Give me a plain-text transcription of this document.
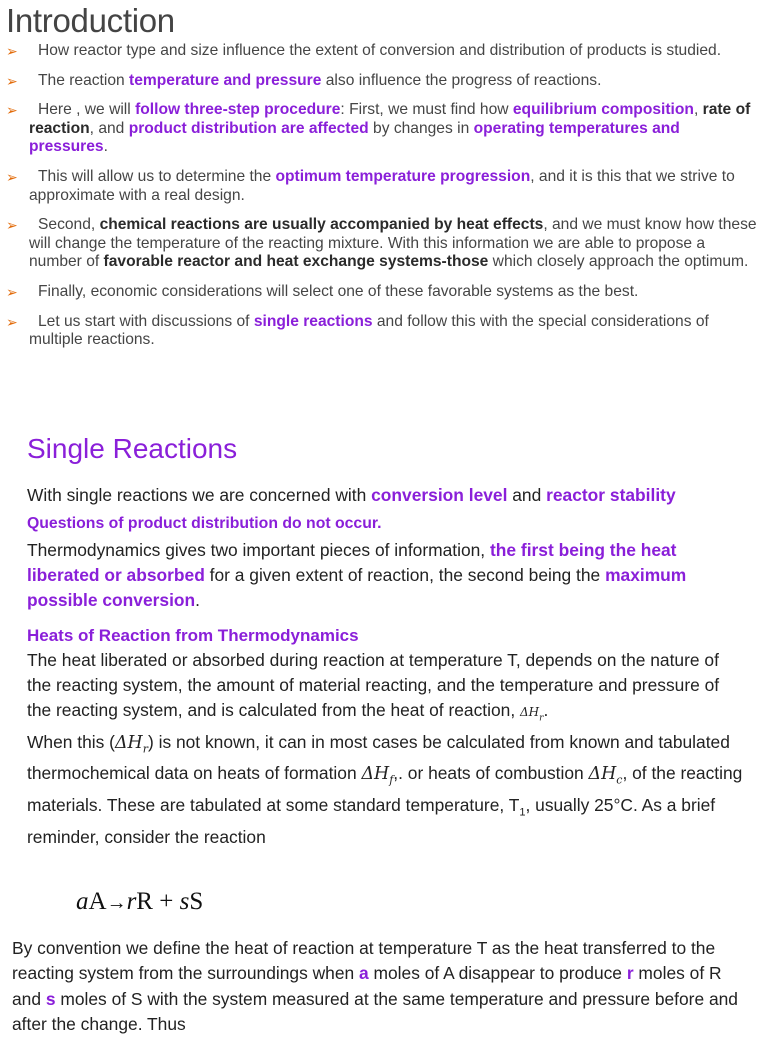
Introduction
➢	How reactor type and size influence the extent of conversion and distribution of products is studied.
➢	The reaction temperature and pressure also influence the progress of reactions.
➢	Here , we will follow three-step procedure: First, we must find how equilibrium composition, rate of reaction, and product distribution are affected by changes in operating temperatures and pressures.
➢	This will allow us to determine the optimum temperature progression, and it is this that we strive to approximate with a real design.
➢	Second, chemical reactions are usually accompanied by heat effects, and we must know how these will change the temperature of the reacting mixture. With this information we are able to propose a number of favorable reactor and heat exchange systems-those which closely approach the optimum.
➢	Finally, economic considerations will select one of these favorable systems as the best.
➢	Let us start with discussions of single reactions and follow this with the special considerations of multiple reactions.
Single Reactions

With single reactions we are concerned with conversion level and reactor stability

Questions of product distribution do not occur.

Thermodynamics gives two important pieces of information, the first being the heat liberated or absorbed for a given extent of reaction, the second being the maximum possible conversion.

Heats of Reaction from Thermodynamics

The heat liberated or absorbed during reaction at temperature T, depends on the nature of the reacting system, the amount of material reacting, and the temperature and pressure of the reacting system, and is calculated from the heat of reaction, $\Delta H_r$.

When this $(\Delta H_r)$ is not known, it can in most cases be calculated from known and tabulated thermochemical data on heats of formation $\Delta H_f$,. or heats of combustion $\Delta H_c$, of the reacting materials. These are tabulated at some standard temperature, $T_1$, usually 25°C. As a brief reminder, consider the reaction

aA→rR + sS

By convention we define the heat of reaction at temperature T as the heat transferred to the reacting system from the surroundings when a moles of A disappear to produce r moles of R and s moles of S with the system measured at the same temperature and pressure before and after the change. Thus
